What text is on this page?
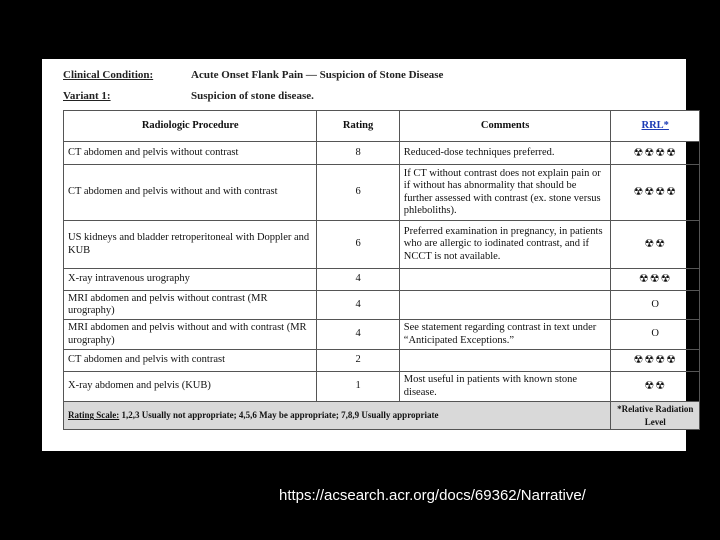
Clinical Condition:	Acute Onset Flank Pain — Suspicion of Stone Disease
Variant 1:	Suspicion of stone disease.
Radiologic Procedure	Rating	Comments	RRL*
CT abdomen and pelvis without contrast	8	Reduced-dose techniques preferred.	☢☢☢☢
CT abdomen and pelvis without and with contrast	6	If CT without contrast does not explain pain or if without has abnormality that should be further assessed with contrast (ex. stone versus phleboliths).	☢☢☢☢
US kidneys and bladder retroperitoneal with Doppler and KUB	6	Preferred examination in pregnancy, in patients who are allergic to iodinated contrast, and if NCCT is not available.	☢☢
X-ray intravenous urography	4		☢☢☢
MRI abdomen and pelvis without contrast (MR urography)	4		O
MRI abdomen and pelvis without and with contrast (MR urography)	4	See statement regarding contrast in text under “Anticipated Exceptions.”	O
CT abdomen and pelvis with contrast	2		☢☢☢☢
X-ray abdomen and pelvis (KUB)	1	Most useful in patients with known stone disease.	☢☢
Rating Scale: 1,2,3 Usually not appropriate; 4,5,6 May be appropriate; 7,8,9 Usually appropriate			*Relative Radiation Level
https://acsearch.acr.org/docs/69362/Narrative/
